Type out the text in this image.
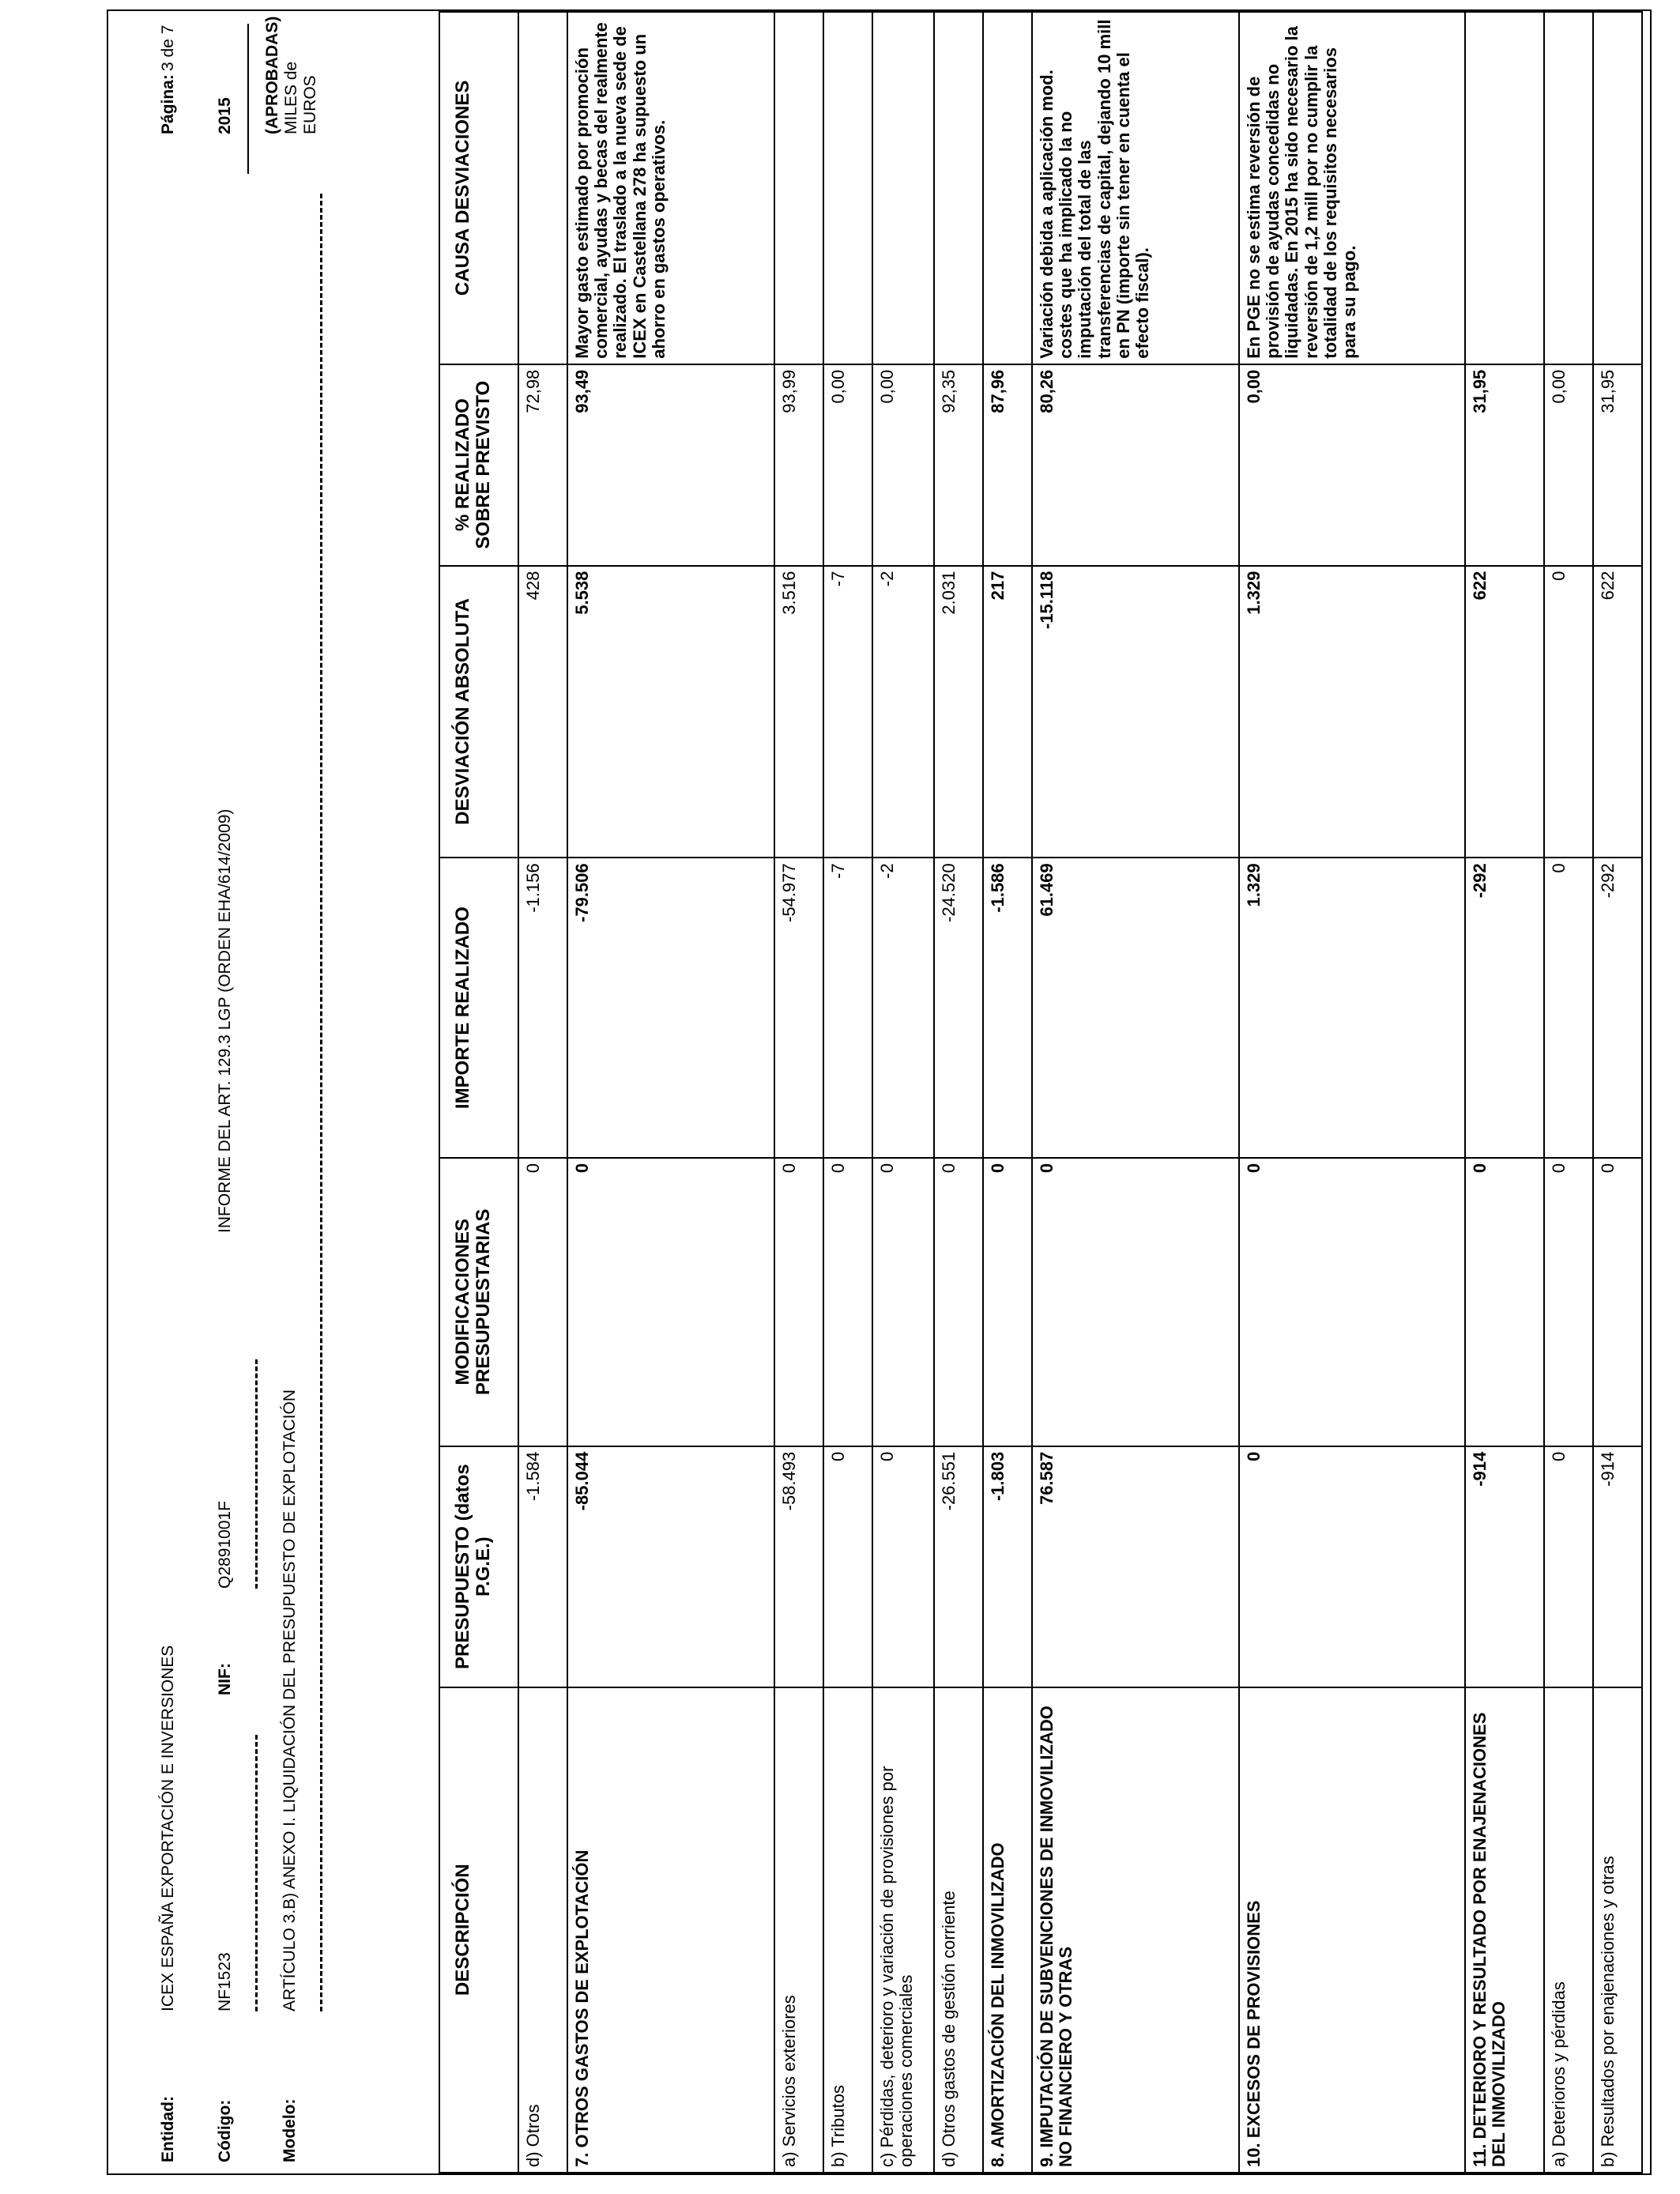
Entidad:
ICEX ESPAÑA EXPORTACIÓN E INVERSIONES
Código:
NF1523
NIF:
Q2891001F
INFORME DEL ART. 129.3 LGP (ORDEN EHA/614/2009)
Modelo:
ARTÍCULO 3.B) ANEXO I. LIQUIDACIÓN DEL PRESUPUESTO DE EXPLOTACIÓN
Página:
3 de 7
2015 (APROBADAS) MILES de EUROS
DESCRIPCIÓN	PRESUPUESTO (datos P.G.E.)	MODIFICACIONES PRESUPUESTARIAS	IMPORTE REALIZADO	DESVIACIÓN ABSOLUTA	% REALIZADO SOBRE PREVISTO	CAUSA DESVIACIONES
d) Otros	-1.584	0	-1.156	428	72,98	
7. OTROS GASTOS DE EXPLOTACIÓN	-85.044	0	-79.506	5.538	93,49	Mayor gasto estimado por promoción comercial, ayudas y becas del realmente realizado. El traslado a la nueva sede de ICEX en Castellana 278 ha supuesto un ahorro en gastos operativos.
a) Servicios exteriores	-58.493	0	-54.977	3.516	93,99	
b) Tributos	0	0	-7	-7	0,00	
c) Pérdidas, deterioro y variación de provisiones por operaciones comerciales	0	0	-2	-2	0,00	
d) Otros gastos de gestión corriente	-26.551	0	-24.520	2.031	92,35	
8. AMORTIZACIÓN DEL INMOVILIZADO	-1.803	0	-1.586	217	87,96	
9. IMPUTACIÓN DE SUBVENCIONES DE INMOVILIZADO NO FINANCIERO Y OTRAS	76.587	0	61.469	-15.118	80,26	Variación debida a aplicación mod. costes que ha implicado la no imputación del total de las transferencias de capital, dejando 10 mill en PN (importe sin tener en cuenta el efecto fiscal).
10. EXCESOS DE PROVISIONES	0	0	1.329	1.329	0,00	En PGE no se estima reversión de provisión de ayudas concedidas no liquidadas. En 2015 ha sido necesario la reversión de 1,2 mill por no cumplir la totalidad de los requisitos necesarios para su pago.
11. DETERIORO Y RESULTADO POR ENAJENACIONES DEL INMOVILIZADO	-914	0	-292	622	31,95	
a) Deterioros y pérdidas	0	0	0	0	0,00	
b) Resultados por enajenaciones y otras	-914	0	-292	622	31,95	
